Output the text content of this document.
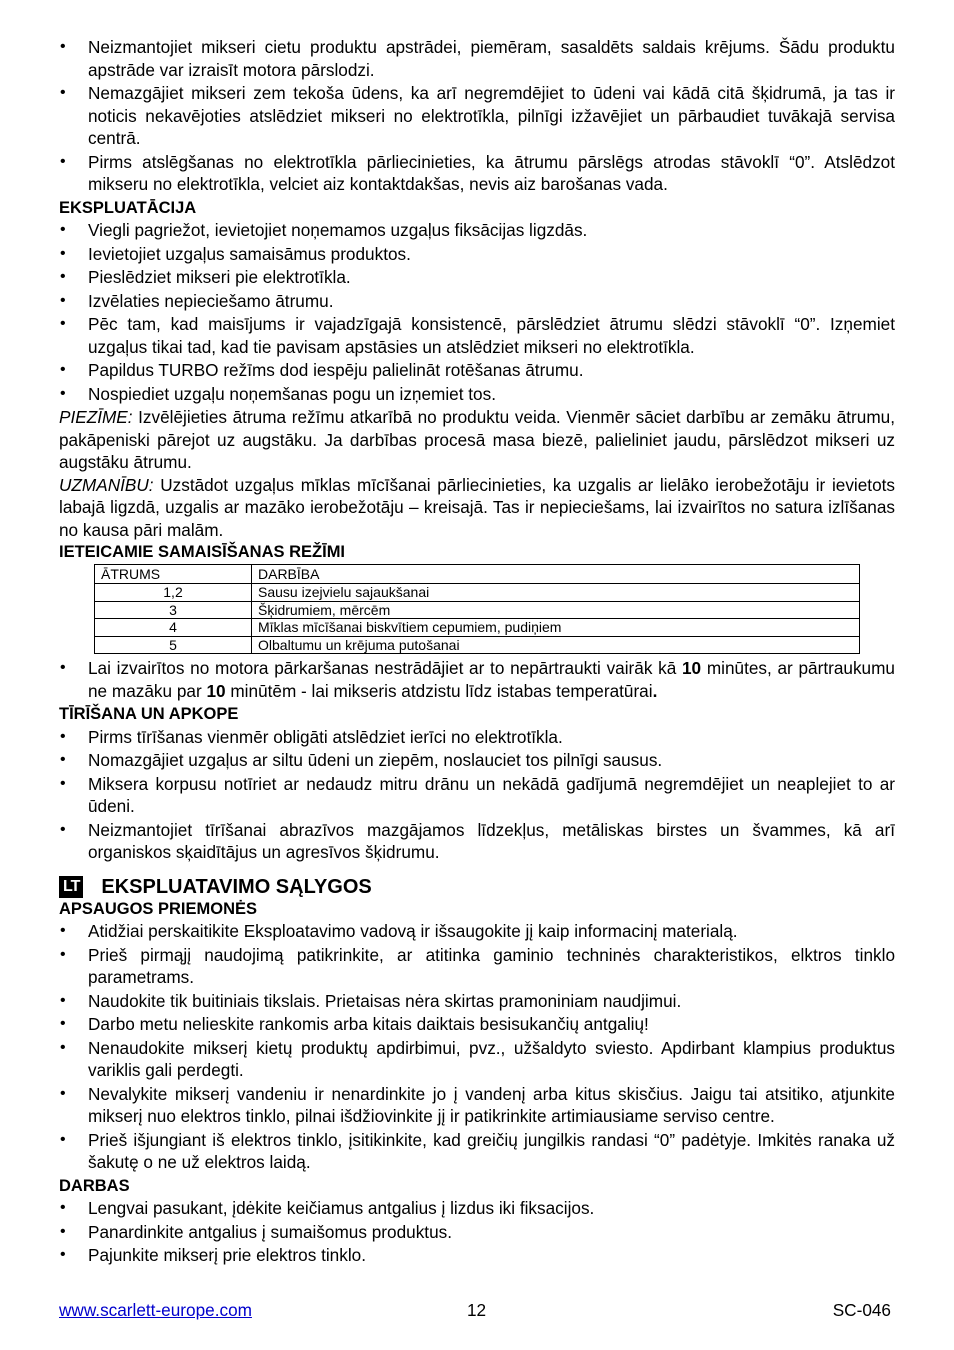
• Neizmantojiet mikseri cietu produktu apstrādei, piemēram, sasaldēts saldais krējums. Šādu produktu apstrāde var izraisīt motora pārslodzi.
• Nemazgājiet mikseri zem tekoša ūdens, ka arī negremdējiet to ūdeni vai kādā citā šķidrumā, ja tas ir noticis nekavējoties atslēdziet mikseri no elektrotīkla, pilnīgi izžavējiet un pārbaudiet tuvākajā servisa centrā.
• Pirms atslēgšanas no elektrotīkla pārliecinieties, ka ātrumu pārslēgs atrodas stāvoklī “0”. Atslēdzot mikseru no elektrotīkla, velciet aiz kontaktdakšas, nevis aiz barošanas vada.
EKSPLUATĀCIJA
• Viegli pagriežot, ievietojiet noņemamos uzgaļus fiksācijas ligzdās.
• Ievietojiet uzgaļus samaisāmus produktos.
• Pieslēdziet mikseri pie elektrotīkla.
• Izvēlaties nepieciešamo ātrumu.
• Pēc tam, kad maisījums ir vajadzīgajā konsistencē, pārslēdziet ātrumu slēdzi stāvoklī “0”. Izņemiet uzgaļus tikai tad, kad tie pavisam apstāsies un atslēdziet mikseri no elektrotīkla.
• Papildus TURBO režīms dod iespēju palielināt rotēšanas ātrumu.
• Nospiediet uzgaļu noņemšanas pogu un izņemiet tos.

PIEZĪME: Izvēlējieties ātruma režīmu atkarībā no produktu veida. Vienmēr sāciet darbību ar zemāku ātrumu, pakāpeniski pārejot uz augstāku. Ja darbības procesā masa biezē, palieliniet jaudu, pārslēdzot mikseri uz augstāku ātrumu.

UZMANĪBU: Uzstādot uzgaļus mīklas mīcīšanai pārliecinieties, ka uzgalis ar lielāko ierobežotāju ir ievietots labajā ligzdā, uzgalis ar mazāko ierobežotāju – kreisajā. Tas ir nepieciešams, lai izvairītos no satura izlīšanas no kausa pāri malām.

IETEICAMIE SAMAISĪŠANAS REŽĪMI
ĀTRUMS	DARBĪBA
1,2	Sausu izejvielu sajaukšanai
3	Šķidrumiem, mērcēm
4	Mīklas mīcīšanai biskvītiem cepumiem, pudiņiem
5	Olbaltumu un krējuma putošanai
• Lai izvairītos no motora pārkaršanas nestrādājiet ar to nepārtraukti vairāk kā 10 minūtes, ar pārtraukumu ne mazāku par 10 minūtēm - lai mikseris atdzistu līdz istabas temperatūrai.
TĪRĪŠANA UN APKOPE
• Pirms tīrīšanas vienmēr obligāti atslēdziet ierīci no elektrotīkla.
• Nomazgājiet uzgaļus ar siltu ūdeni un ziepēm, noslauciet tos pilnīgi sausus.
• Miksera korpusu notīriet ar nedaudz mitru drānu un nekādā gadījumā negremdējiet un neaplejiet to ar ūdeni.
• Neizmantojiet tīrīšanai abrazīvos mazgājamos līdzekļus, metāliskas birstes un švammes, kā arī organiskos sķaidītājus un agresīvos šķidrumu.
LT EKSPLUATAVIMO SĄLYGOS
APSAUGOS PRIEMONĖS
• Atidžiai perskaitikite Eksploatavimo vadovą ir išsaugokite jį kaip informacinį materialą.
• Prieš pirmąjį naudojimą patikrinkite, ar atitinka gaminio techninės charakteristikos, elktros tinklo parametrams.
• Naudokite tik buitiniais tikslais. Prietaisas nėra skirtas pramoniniam naudjimui.
• Darbo metu nelieskite rankomis arba kitais daiktais besisukančių antgalių!
• Nenaudokite mikserį kietų produktų apdirbimui, pvz., užšaldyto sviesto. Apdirbant klampius produktus variklis gali perdegti.
• Nevalykite mikserį vandeniu ir nenardinkite jo į vandenį arba kitus skisčius. Jaigu tai atsitiko, atjunkite mikserį nuo elektros tinklo, pilnai išdžiovinkite jį ir patikrinkite artimiausiame serviso centre.
• Prieš išjungiant iš elektros tinklo, įsitikinkite, kad greičių jungilkis randasi “0” padėtyje. Imkitės ranaka už šakutę o ne už elektros laidą.
DARBAS
• Lengvai pasukant, įdėkite keičiamus antgalius į lizdus iki fiksacijos.
• Panardinkite antgalius į sumaišomus produktus.
• Pajunkite mikserį prie elektros tinklo.
www.scarlett-europe.com	12	SC-046
